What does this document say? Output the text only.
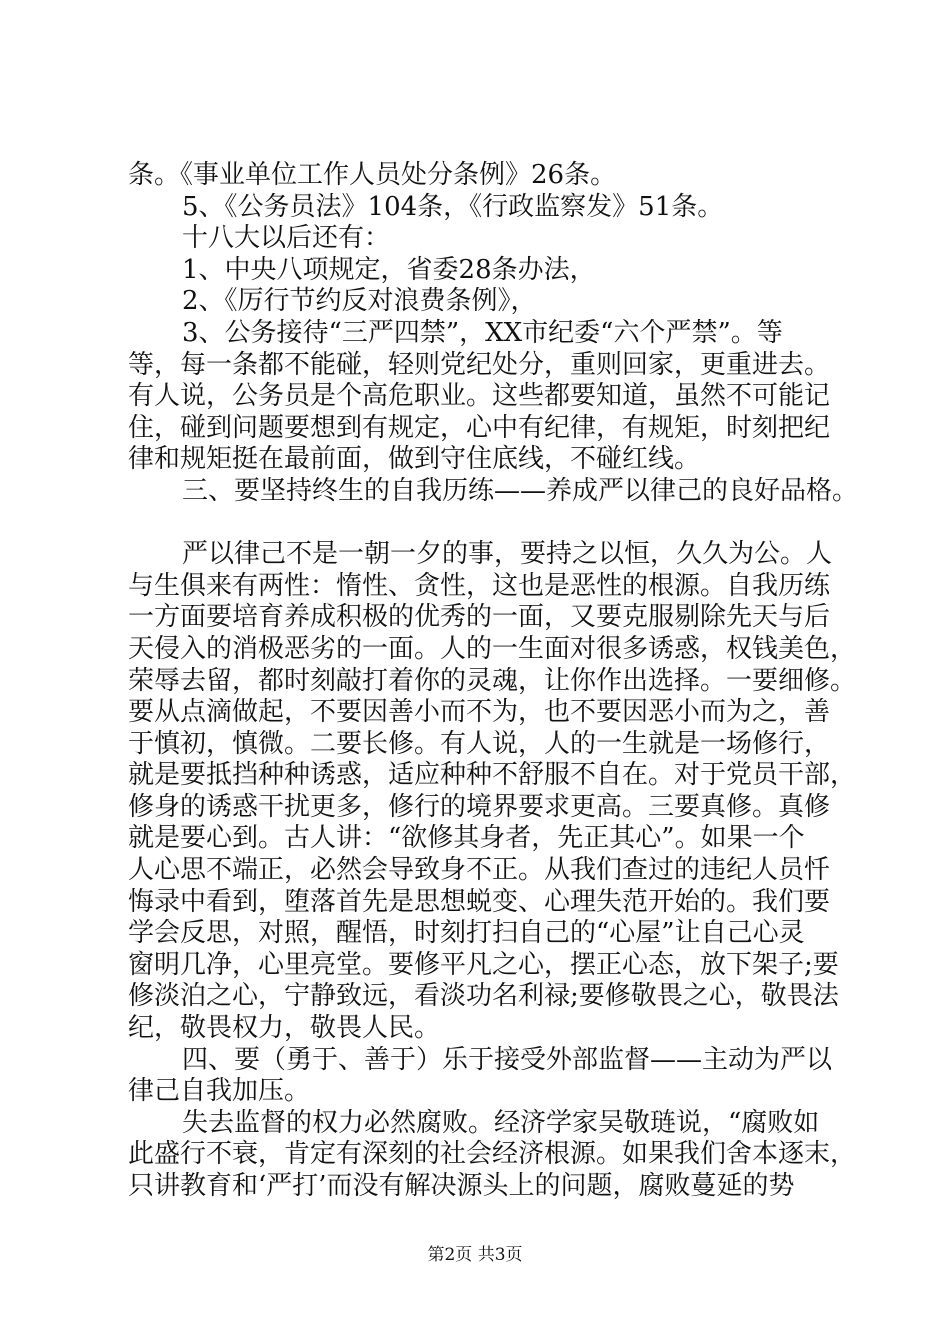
条。《事业单位工作人员处分条例》26条。
5、《公务员法》104条，《行政监察发》51条。
十八大以后还有：
1、中央八项规定，省委28条办法，
2、《厉行节约反对浪费条例》，
3、公务接待“三严四禁”，XX市纪委“六个严禁”。等
等，每一条都不能碰，轻则党纪处分，重则回家，更重进去。
有人说，公务员是个高危职业。这些都要知道，虽然不可能记
住，碰到问题要想到有规定，心中有纪律，有规矩，时刻把纪
律和规矩挺在最前面，做到守住底线，不碰红线。
三、要坚持终生的自我历练——养成严以律己的良好品格。
严以律己不是一朝一夕的事，要持之以恒，久久为公。人
与生俱来有两性：惰性、贪性，这也是恶性的根源。自我历练
一方面要培育养成积极的优秀的一面，又要克服剔除先天与后
天侵入的消极恶劣的一面。人的一生面对很多诱惑，权钱美色，
荣辱去留，都时刻敲打着你的灵魂，让你作出选择。一要细修。
要从点滴做起，不要因善小而不为，也不要因恶小而为之，善
于慎初，慎微。二要长修。有人说，人的一生就是一场修行，
就是要抵挡种种诱惑，适应种种不舒服不自在。对于党员干部，
修身的诱惑干扰更多，修行的境界要求更高。三要真修。真修
就是要心到。古人讲：“欲修其身者，先正其心”。如果一个
人心思不端正，必然会导致身不正。从我们查过的违纪人员忏
悔录中看到，堕落首先是思想蜕变、心理失范开始的。我们要
学会反思，对照，醒悟，时刻打扫自己的“心屋”让自己心灵
窗明几净，心里亮堂。要修平凡之心，摆正心态，放下架子;要
修淡泊之心，宁静致远，看淡功名利禄;要修敬畏之心，敬畏法
纪，敬畏权力，敬畏人民。
四、要（勇于、善于）乐于接受外部监督——主动为严以
律己自我加压。
失去监督的权力必然腐败。经济学家吴敬琏说，“腐败如
此盛行不衰，肯定有深刻的社会经济根源。如果我们舍本逐末，
只讲教育和‘严打’而没有解决源头上的问题，腐败蔓延的势
第2页 共3页
